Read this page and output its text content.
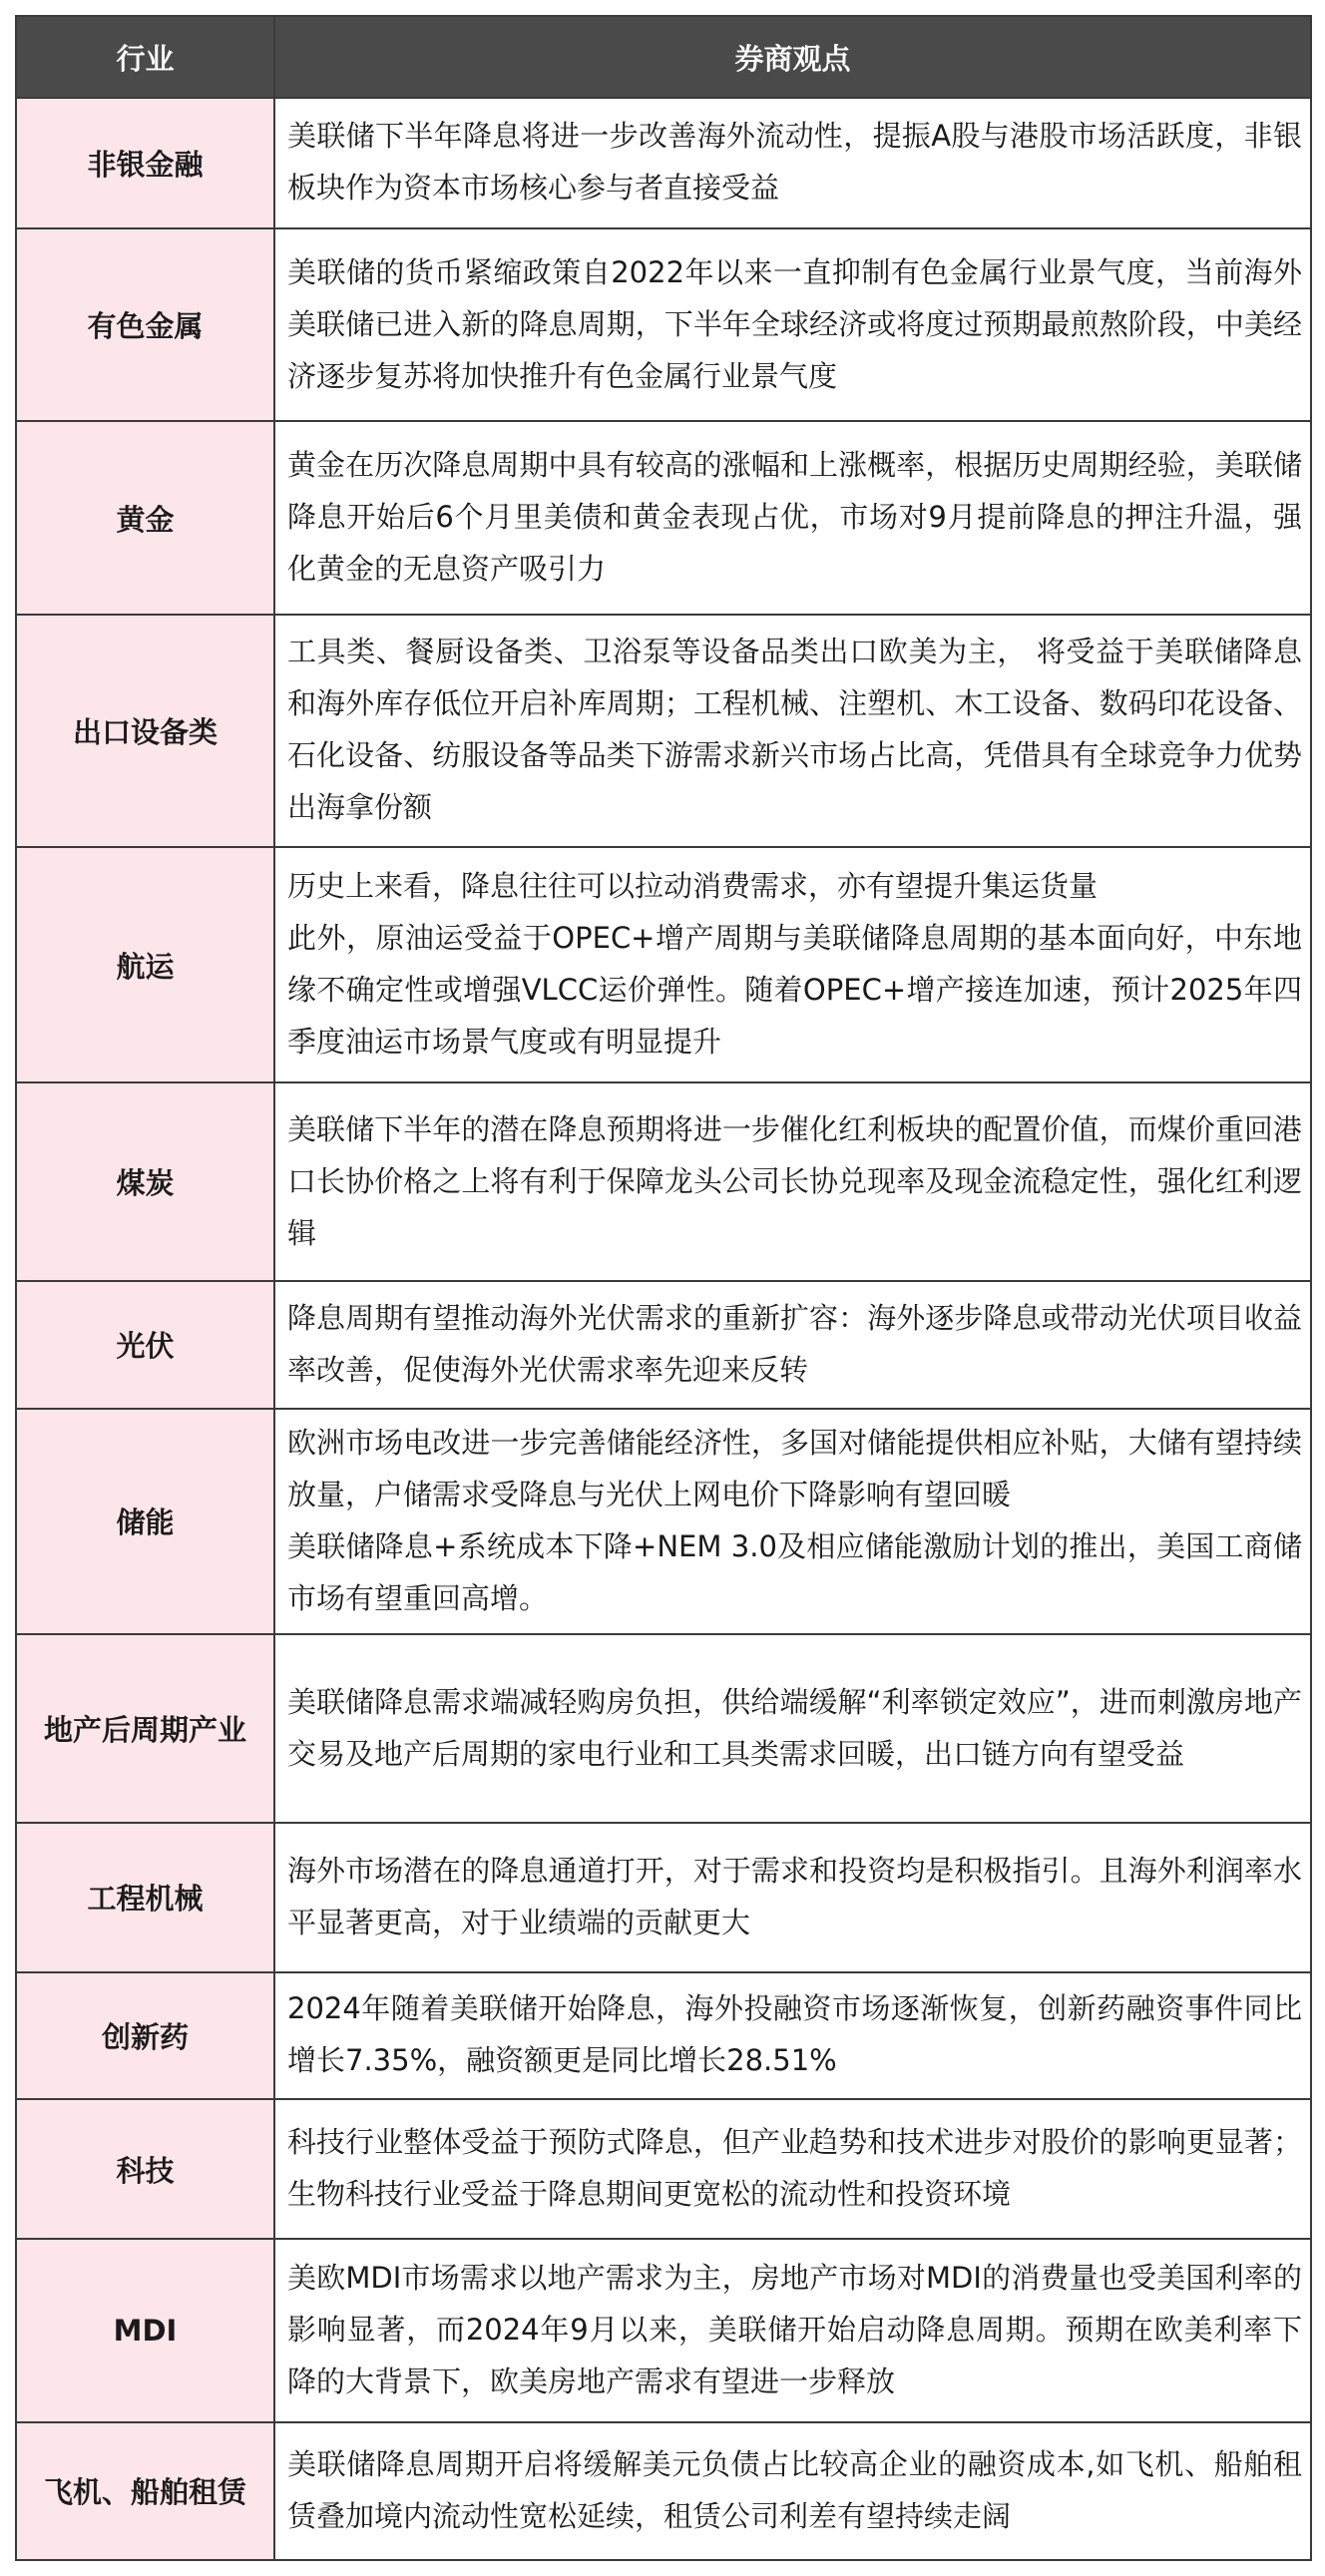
行业	券商观点
非银金融	美联储下半年降息将进一步改善海外流动性，提振A股与港股市场活跃度，非银板块作为资本市场核心参与者直接受益
有色金属	美联储的货币紧缩政策自2022年以来一直抑制有色金属行业景气度，当前海外美联储已进入新的降息周期，下半年全球经济或将度过预期最煎熬阶段，中美经济逐步复苏将加快推升有色金属行业景气度
黄金	黄金在历次降息周期中具有较高的涨幅和上涨概率，根据历史周期经验，美联储降息开始后6个月里美债和黄金表现占优，市场对9月提前降息的押注升温，强化黄金的无息资产吸引力
出口设备类	工具类、餐厨设备类、卫浴泵等设备品类出口欧美为主， 将受益于美联储降息和海外库存低位开启补库周期；工程机械、注塑机、木工设备、数码印花设备、石化设备、纺服设备等品类下游需求新兴市场占比高，凭借具有全球竞争力优势出海拿份额
航运	历史上来看，降息往往可以拉动消费需求，亦有望提升集运货量
此外，原油运受益于OPEC+增产周期与美联储降息周期的基本面向好，中东地缘不确定性或增强VLCC运价弹性。随着OPEC+增产接连加速，预计2025年四季度油运市场景气度或有明显提升
煤炭	美联储下半年的潜在降息预期将进一步催化红利板块的配置价值，而煤价重回港口长协价格之上将有利于保障龙头公司长协兑现率及现金流稳定性，强化红利逻辑
光伏	降息周期有望推动海外光伏需求的重新扩容：海外逐步降息或带动光伏项目收益率改善，促使海外光伏需求率先迎来反转
储能	欧洲市场电改进一步完善储能经济性，多国对储能提供相应补贴，大储有望持续放量，户储需求受降息与光伏上网电价下降影响有望回暖
美联储降息+系统成本下降+NEM 3.0及相应储能激励计划的推出，美国工商储市场有望重回高增。
地产后周期产业	美联储降息需求端减轻购房负担，供给端缓解“利率锁定效应”，进而刺激房地产交易及地产后周期的家电行业和工具类需求回暖，出口链方向有望受益
工程机械	海外市场潜在的降息通道打开，对于需求和投资均是积极指引。且海外利润率水平显著更高，对于业绩端的贡献更大
创新药	2024年随着美联储开始降息，海外投融资市场逐渐恢复，创新药融资事件同比增长7.35%，融资额更是同比增长28.51%
科技	科技行业整体受益于预防式降息，但产业趋势和技术进步对股价的影响更显著；生物科技行业受益于降息期间更宽松的流动性和投资环境
MDI	美欧MDI市场需求以地产需求为主，房地产市场对MDI的消费量也受美国利率的影响显著，而2024年9月以来，美联储开始启动降息周期。预期在欧美利率下降的大背景下，欧美房地产需求有望进一步释放
飞机、船舶租赁	美联储降息周期开启将缓解美元负债占比较高企业的融资成本,如飞机、船舶租赁叠加境内流动性宽松延续，租赁公司利差有望持续走阔
